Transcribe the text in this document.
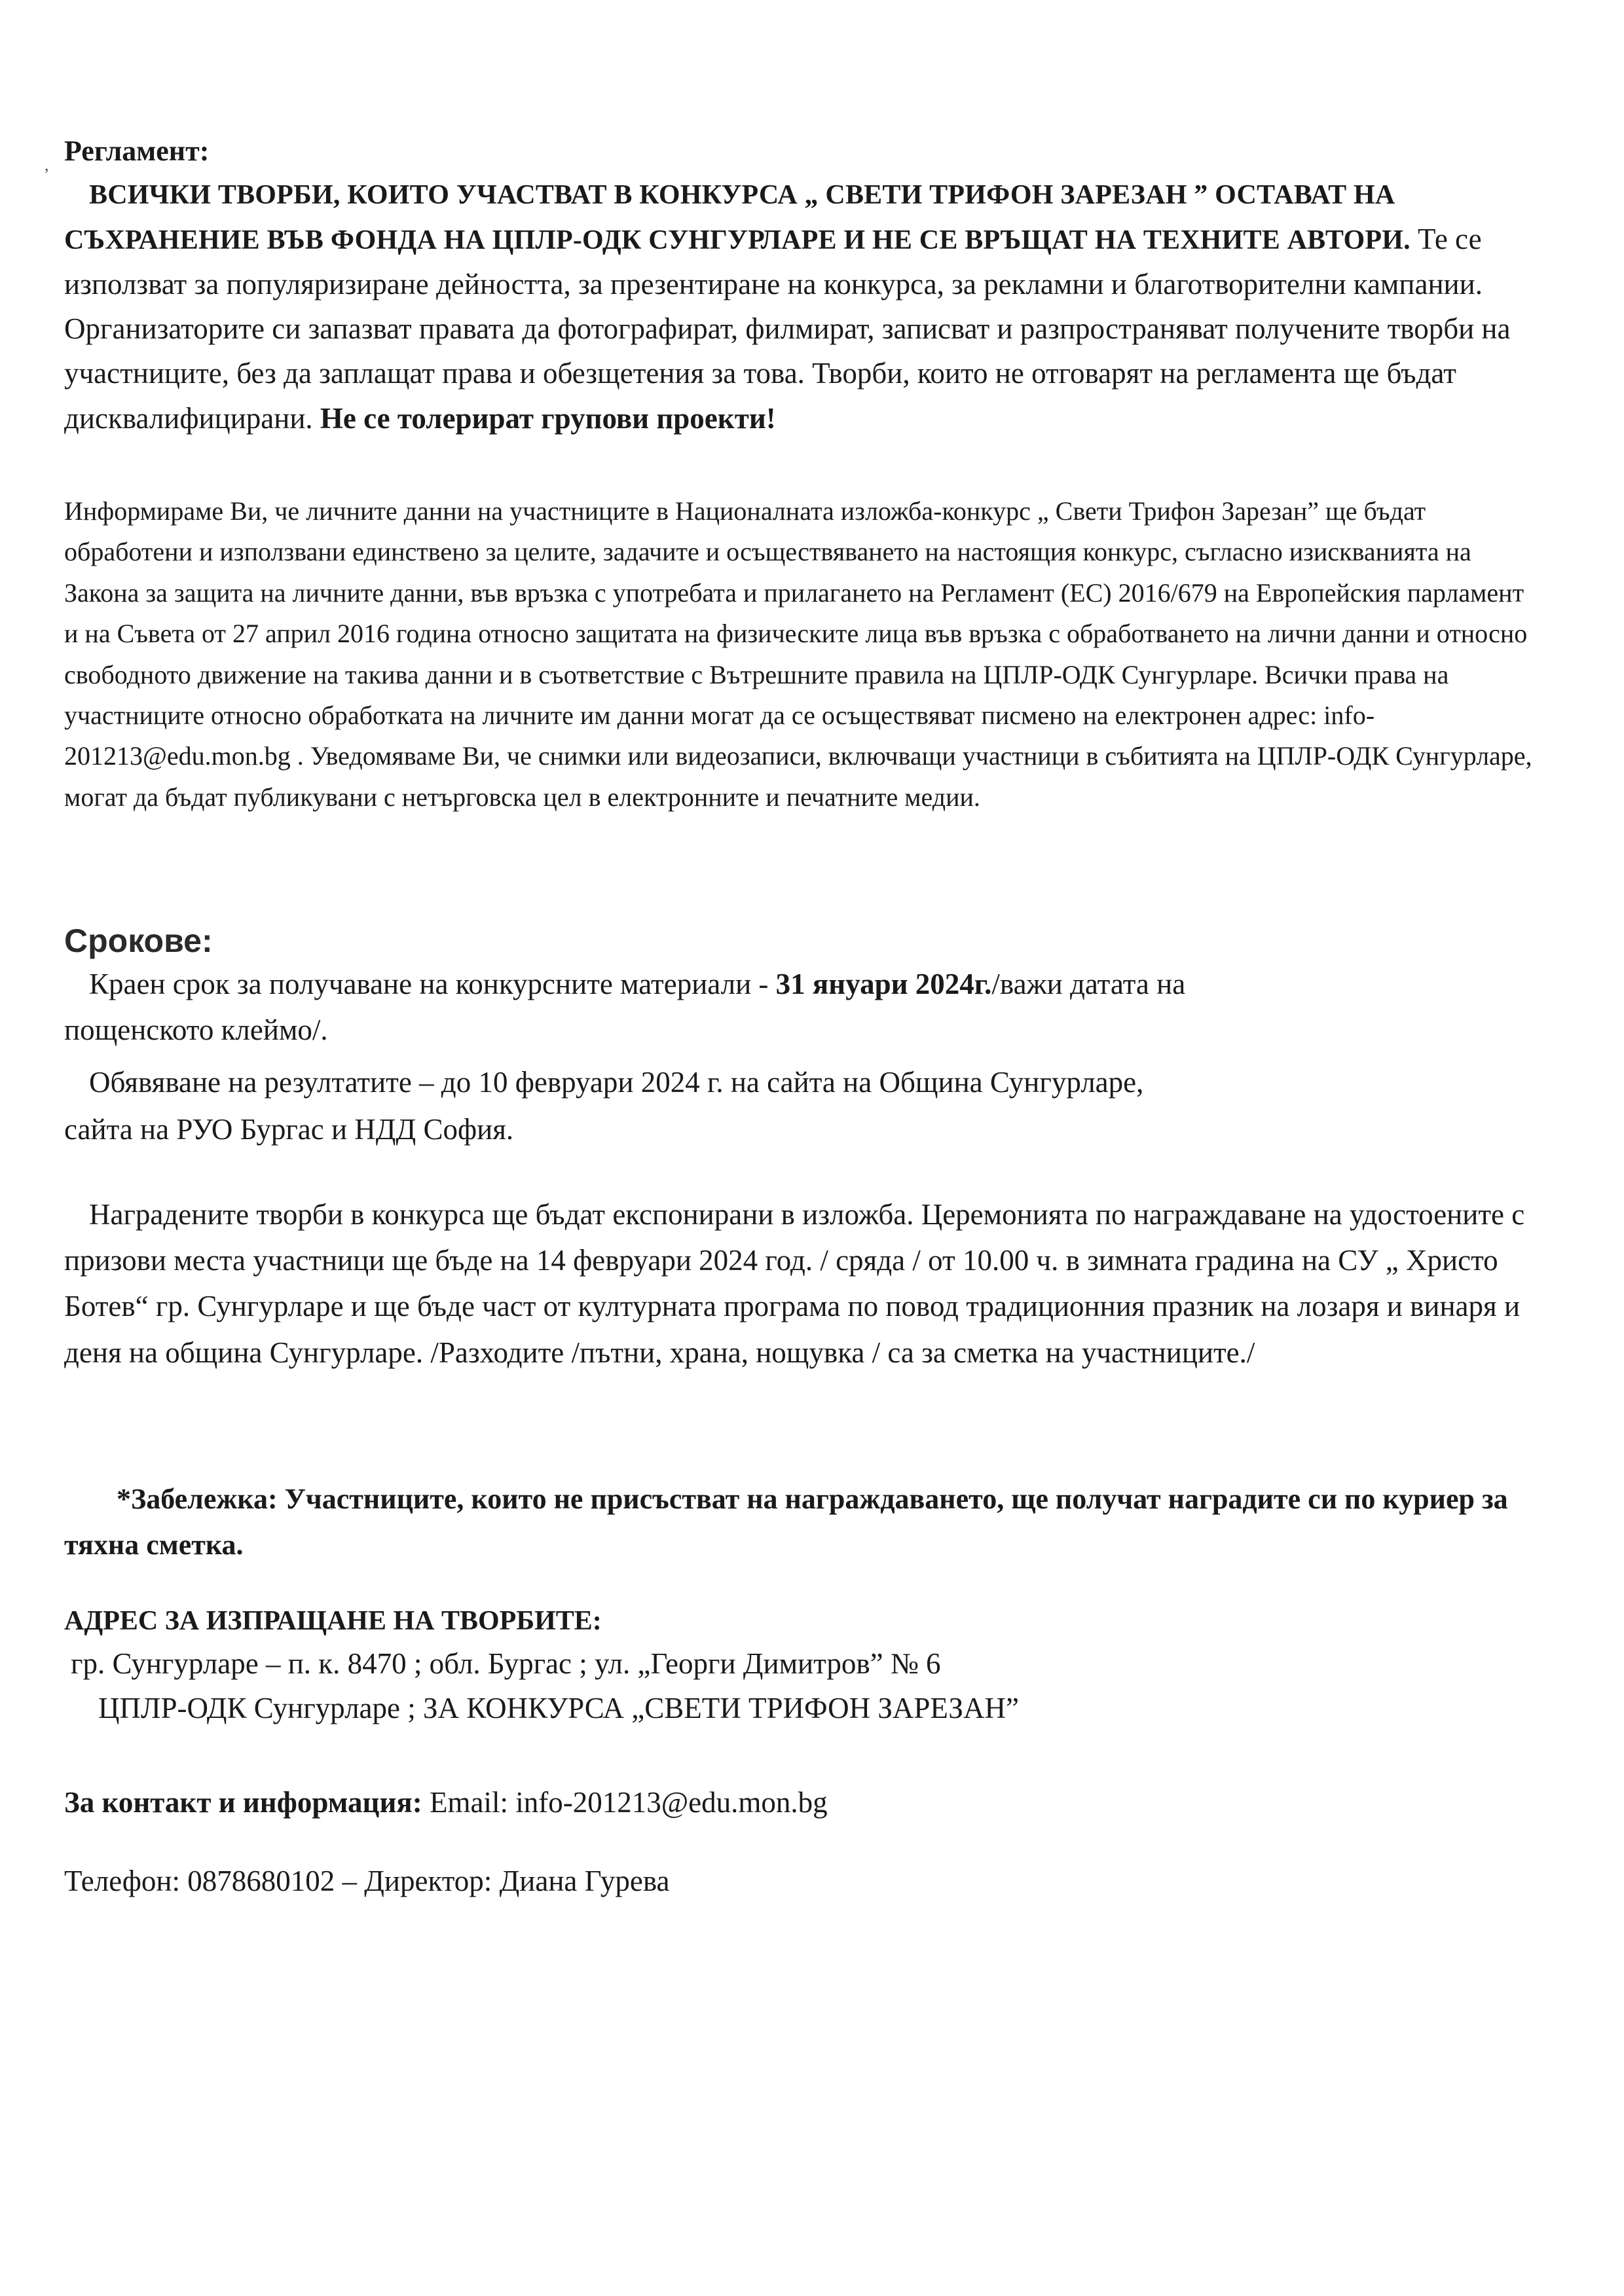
, Регламент:

ВСИЧКИ ТВОРБИ, КОИТО УЧАСТВАТ В КОНКУРСА „ СВЕТИ ТРИФОН ЗАРЕЗАН ” ОСТАВАТ НА СЪХРАНЕНИЕ ВЪВ ФОНДА НА ЦПЛР-ОДК СУНГУРЛАРЕ И НЕ СЕ ВРЪЩАТ НА ТЕХНИТЕ АВТОРИ. Те се използват за популяризиране дейността, за презентиране на конкурса, за рекламни и благотворителни кампании. Организаторите си запазват правата да фотографират, филмират, записват и разпространяват получените творби на участниците, без да заплащат права и обезщетения за това. Творби, които не отговарят на регламента ще бъдат дисквалифицирани. Не се толерират групови проекти!

Информираме Ви, че личните данни на участниците в Националната изложба-конкурс „ Свети Трифон Зарезан” ще бъдат обработени и използвани единствено за целите, задачите и осъществяването на настоящия конкурс, съгласно изискванията на Закона за защита на личните данни, във връзка с употребата и прилагането на Регламент (ЕС) 2016/679 на Европейския парламент и на Съвета от 27 април 2016 година относно защитата на физическите лица във връзка с обработването на лични данни и относно свободното движение на такива данни и в съответствие с Вътрешните правила на ЦПЛР-ОДК Сунгурларе. Всички права на участниците относно обработката на личните им данни могат да се осъществяват писмено на електронен адрес: info-201213@edu.mon.bg . Уведомяваме Ви, че снимки или видеозаписи, включващи участници в събитията на ЦПЛР-ОДК Сунгурларе, могат да бъдат публикувани с нетърговска цел в електронните и печатните медии.

Срокове:

Краен срок за получаване на конкурсните материали - 31 януари 2024г./важи датата на
пощенското клеймо/.
Обявяване на резултатите – до 10 февруари 2024 г. на сайта на Община Сунгурларе,
сайта на РУО Бургас и НДД София.

Наградените творби в конкурса ще бъдат експонирани в изложба. Церемонията по награждаване на удостоените с призови места участници ще бъде на 14 февруари 2024 год. / сряда / от 10.00 ч. в зимната градина на СУ „ Христо Ботев“ гр. Сунгурларе и ще бъде част от културната програма по повод традиционния празник на лозаря и винаря и деня на община Сунгурларе. /Разходите /пътни, храна, нощувка / са за сметка на участниците./

*Забележка: Участниците, които не присъстват на награждаването, ще получат наградите си по куриер за тяхна сметка.

АДРЕС ЗА ИЗПРАЩАНЕ НА ТВОРБИТЕ:

гр. Сунгурларе – п. к. 8470 ; обл. Бургас ; ул. „Георги Димитров” № 6
ЦПЛР-ОДК Сунгурларе ; ЗА КОНКУРСА „СВЕТИ ТРИФОН ЗАРЕЗАН”
За контакт и информация: Email: info-201213@edu.mon.bg
Телефон: 0878680102 – Директор: Диана Гурева
